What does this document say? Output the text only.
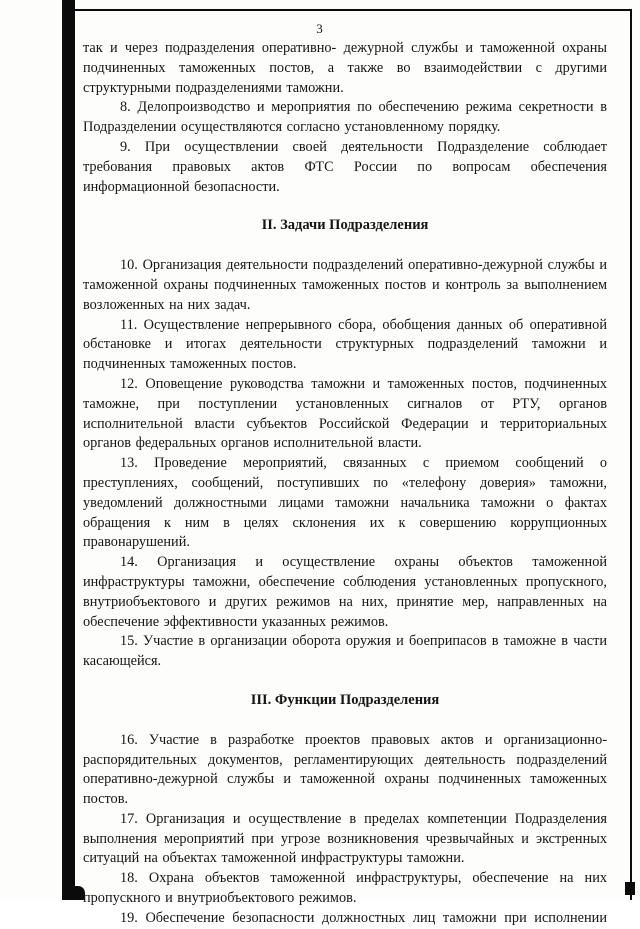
3
так и через подразделения оперативно- дежурной службы и таможенной охраны подчиненных таможенных постов, а также во взаимодействии с другими структурными подразделениями таможни.
8. Делопроизводство и мероприятия по обеспечению режима секретности в Подразделении осуществляются согласно установленному порядку.
9. При осуществлении своей деятельности Подразделение соблюдает требования правовых актов ФТС России по вопросам обеспечения информационной безопасности.
II. Задачи Подразделения
10. Организация деятельности подразделений оперативно-дежурной службы и таможенной охраны подчиненных таможенных постов и контроль за выполнением возложенных на них задач.
11. Осуществление непрерывного сбора, обобщения данных об оперативной обстановке и итогах деятельности структурных подразделений таможни и подчиненных таможенных постов.
12. Оповещение руководства таможни и таможенных постов, подчиненных таможне, при поступлении установленных сигналов от РТУ, органов исполнительной власти субъектов Российской Федерации и территориальных органов федеральных органов исполнительной власти.
13. Проведение мероприятий, связанных с приемом сообщений о преступлениях, сообщений, поступивших по «телефону доверия» таможни, уведомлений должностными лицами таможни начальника таможни о фактах обращения к ним в целях склонения их к совершению коррупционных правонарушений.
14. Организация и осуществление охраны объектов таможенной инфраструктуры таможни, обеспечение соблюдения установленных пропускного, внутриобъектового и других режимов на них, принятие мер, направленных на обеспечение эффективности указанных режимов.
15. Участие в организации оборота оружия и боеприпасов в таможне в части касающейся.
III. Функции Подразделения
16. Участие в разработке проектов правовых актов и организационно-распорядительных документов, регламентирующих деятельность подразделений оперативно-дежурной службы и таможенной охраны подчиненных таможенных постов.
17. Организация и осуществление в пределах компетенции Подразделения выполнения мероприятий при угрозе возникновения чрезвычайных и экстренных ситуаций на объектах таможенной инфраструктуры таможни.
18. Охрана объектов таможенной инфраструктуры, обеспечение на них пропускного и внутриобъектового режимов.
19. Обеспечение безопасности должностных лиц таможни при исполнении
